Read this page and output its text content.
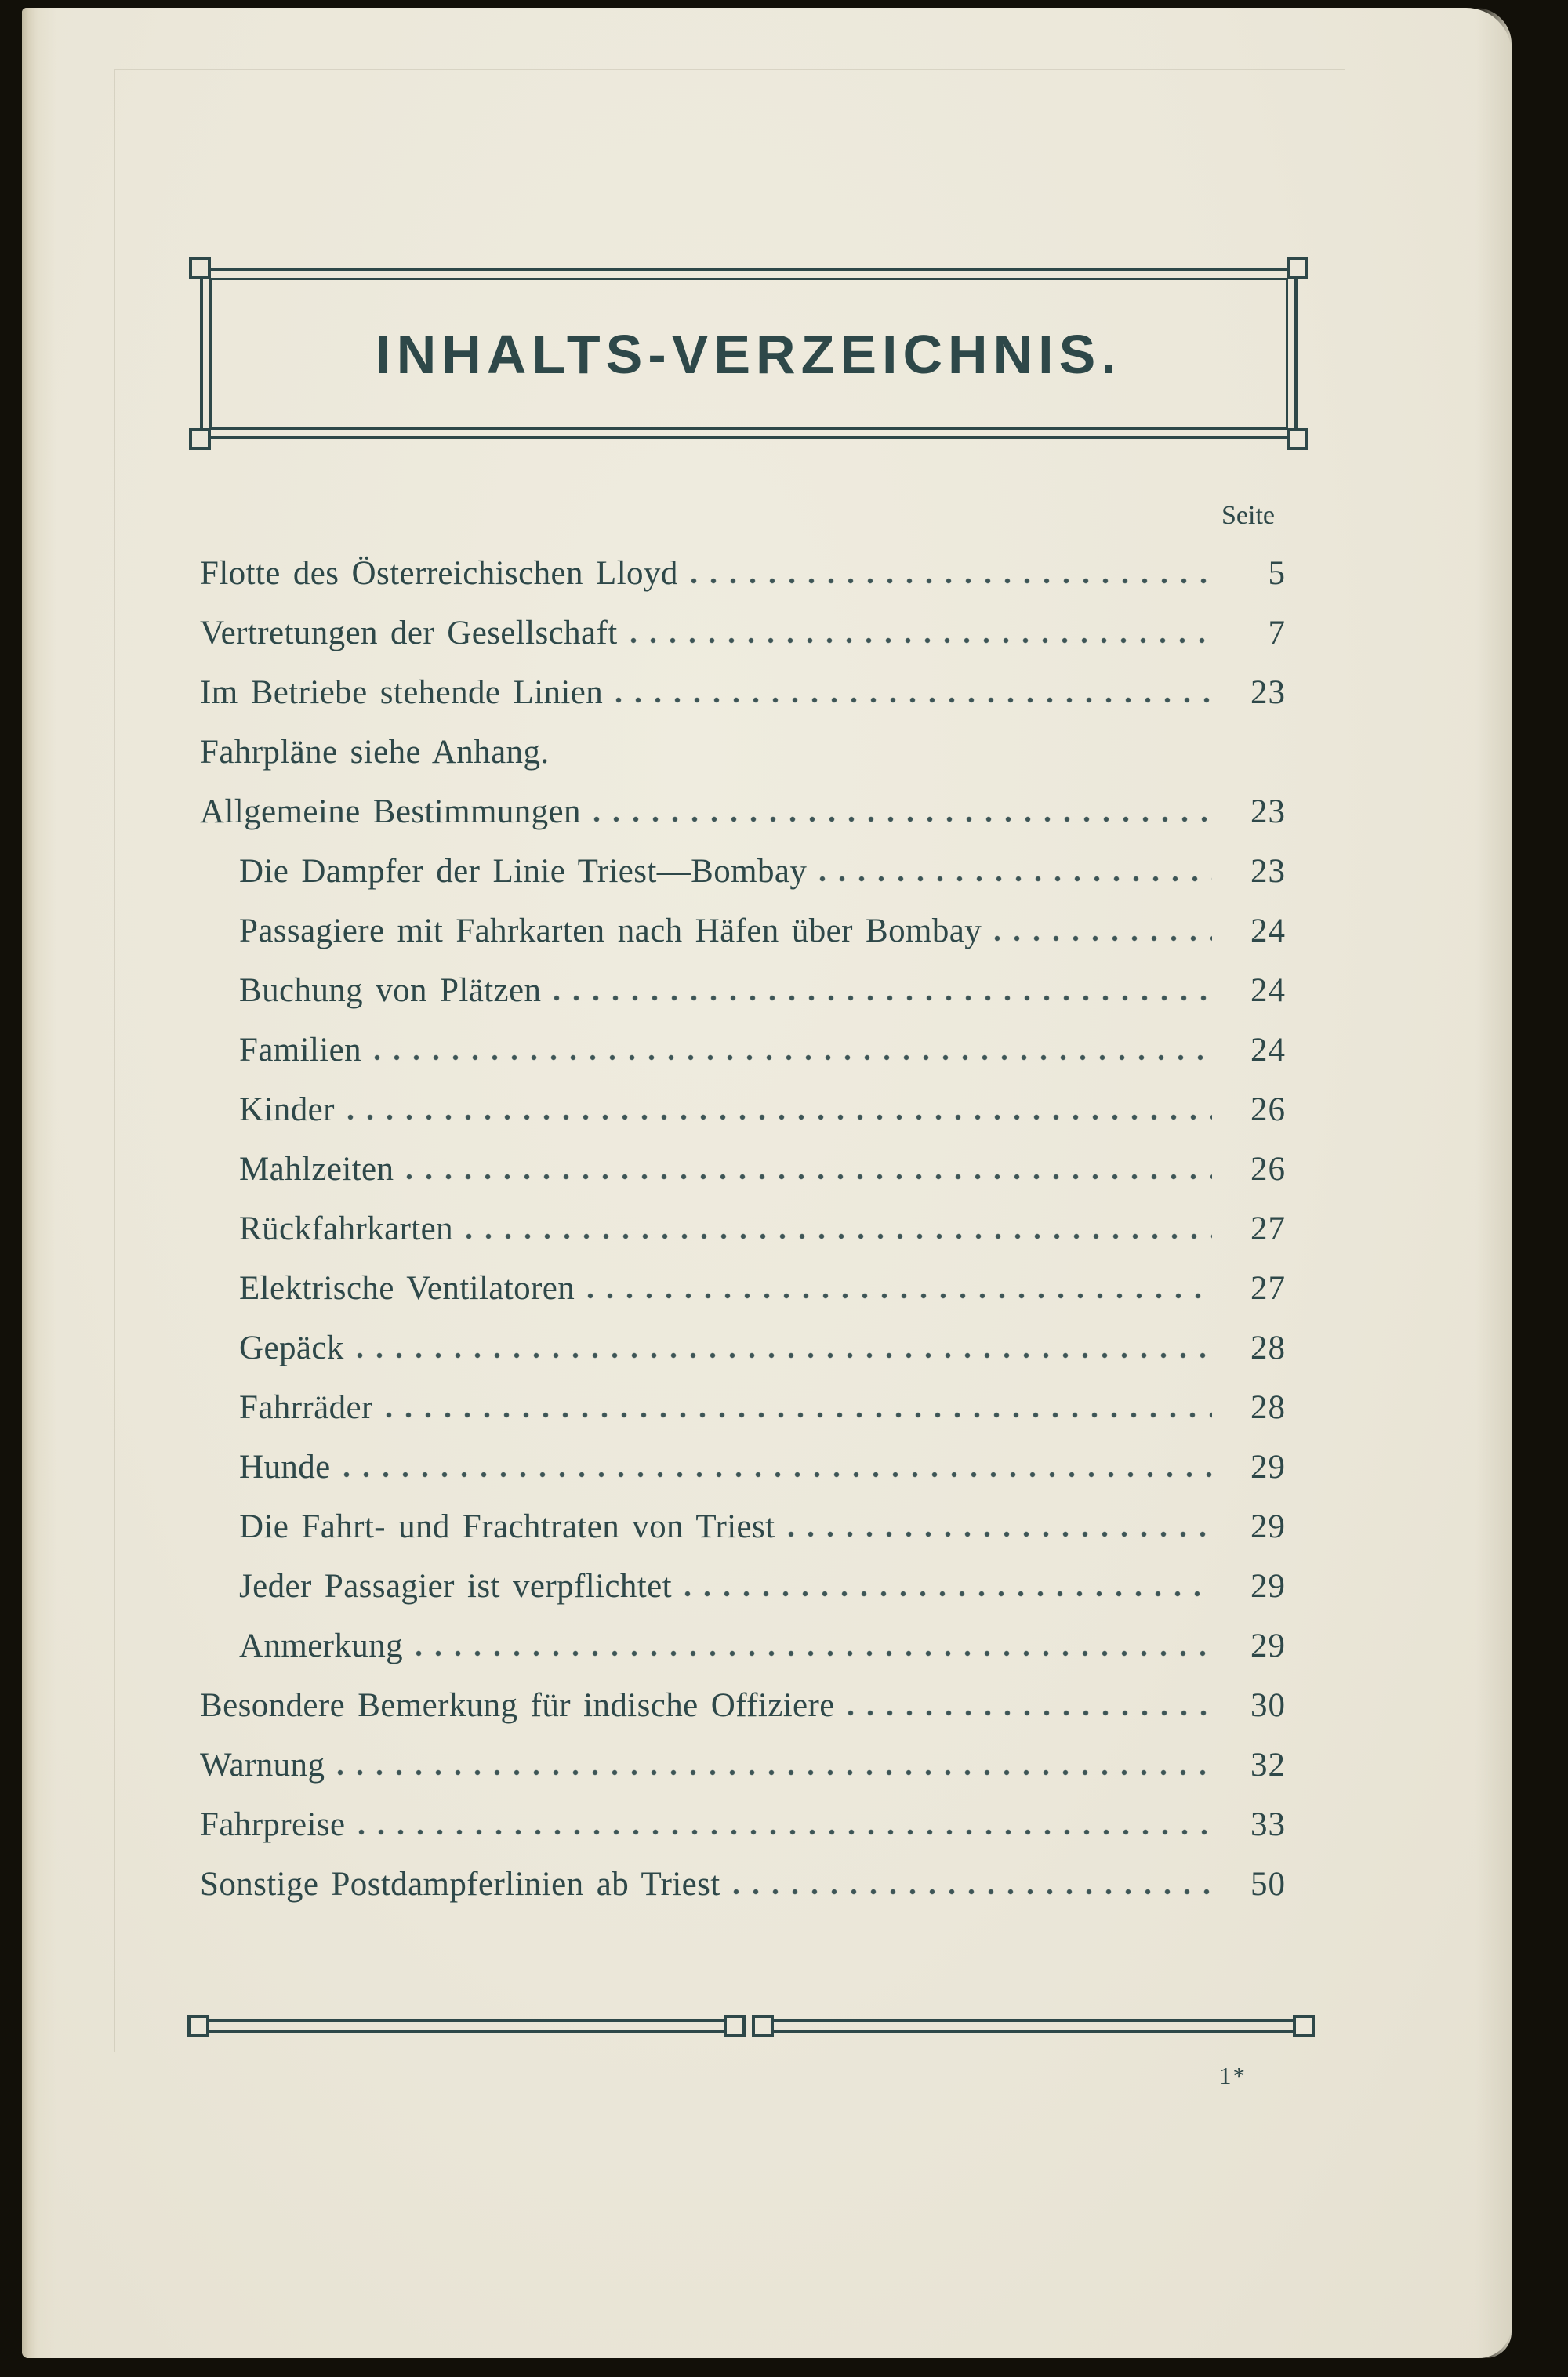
INHALTS-VERZEICHNIS.
Seite
Flotte des Österreichischen Lloyd	5
Vertretungen der Gesellschaft	7
Im Betriebe stehende Linien	23
Fahrpläne siehe Anhang.
Allgemeine Bestimmungen	23
Die Dampfer der Linie Triest—Bombay	23
Passagiere mit Fahrkarten nach Häfen über Bombay	24
Buchung von Plätzen	24
Familien	24
Kinder	26
Mahlzeiten	26
Rückfahrkarten	27
Elektrische Ventilatoren	27
Gepäck	28
Fahrräder	28
Hunde	29
Die Fahrt- und Frachtraten von Triest	29
Jeder Passagier ist verpflichtet	29
Anmerkung	29
Besondere Bemerkung für indische Offiziere	30
Warnung	32
Fahrpreise	33
Sonstige Postdampferlinien ab Triest	50
1*
